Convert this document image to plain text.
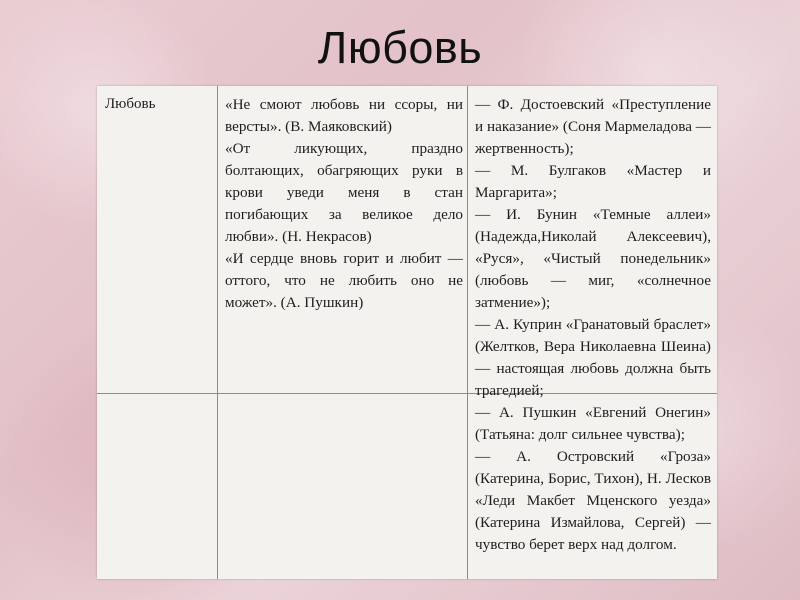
Любовь
Любовь	«Не смоют любовь ни ссоры, ни версты». (В. Маяковский)
«От ликующих, праздно болтающих, обагряющих руки в крови уведи меня в стан погибающих за великое дело любви». (Н. Некрасов)
«И сердце вновь горит и любит — оттого, что не любить оно не может». (А. Пушкин)
— Ф. Достоевский «Преступление и наказание» (Соня Мармеладова — жертвенность);
— М. Булгаков «Мастер и Маргарита»;
— И. Бунин «Темные аллеи» (Надежда,Николай Алексеевич), «Руся», «Чистый понедельник» (любовь — миг, «солнечное затмение»);
— А. Куприн «Гранатовый браслет» (Желтков, Вера Николаевна Шеина) — настоящая любовь должна быть трагедией;
— А. Пушкин «Евгений Онегин» (Татьяна: долг сильнее чувства);
— А. Островский «Гроза» (Катерина, Борис, Тихон), Н. Лесков «Леди Макбет Мценского уезда» (Катерина Измайлова, Сергей) — чувство берет верх над долгом.
